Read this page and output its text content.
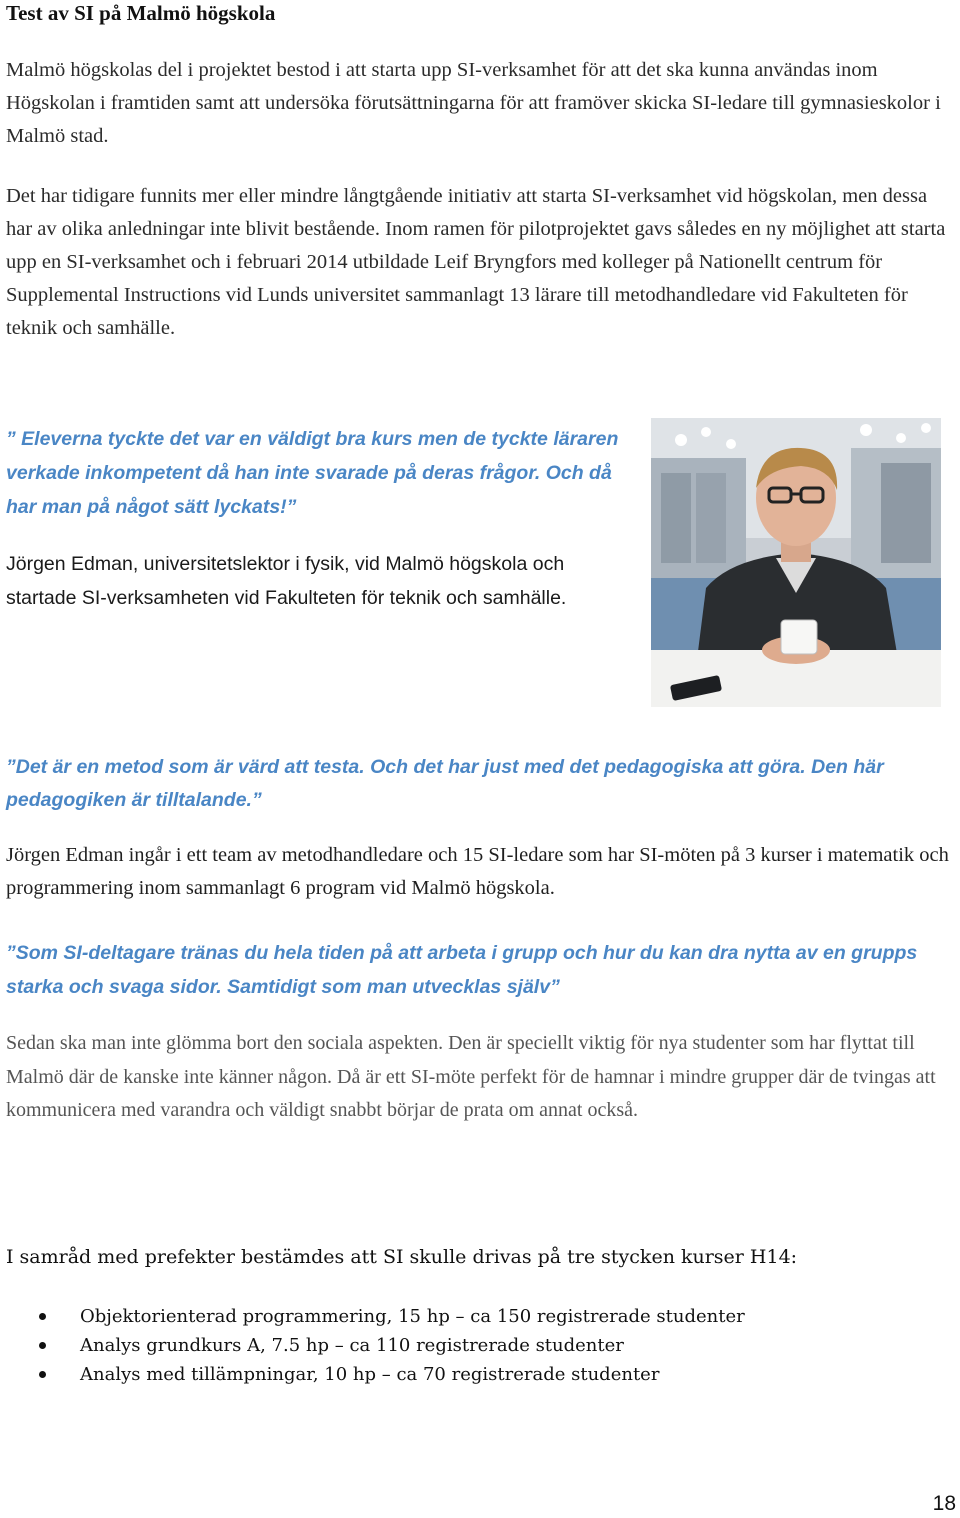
Test av SI på Malmö högskola
Malmö högskolas del i projektet bestod i att starta upp SI-verksamhet för att det ska kunna användas inom Högskolan i framtiden samt att undersöka förutsättningarna för att framöver skicka SI-ledare till gymnasieskolor i Malmö stad.
Det har tidigare funnits mer eller mindre långtgående initiativ att starta SI-verksamhet vid högskolan, men dessa har av olika anledningar inte blivit bestående. Inom ramen för pilotprojektet gavs således en ny möjlighet att starta upp en SI-verksamhet och i februari 2014 utbildade Leif Bryngfors med kolleger på Nationellt centrum för Supplemental Instructions vid Lunds universitet sammanlagt 13 lärare till metodhandledare vid Fakulteten för teknik och samhälle.
” Eleverna tyckte det var en väldigt bra kurs men de tyckte läraren verkade inkompetent då han inte svarade på deras frågor. Och då har man på något sätt lyckats!”
Jörgen Edman, universitetslektor i fysik, vid Malmö högskola och startade SI-verksamheten vid Fakulteten för teknik och samhälle.
”Det är en metod som är värd att testa. Och det har just med det pedagogiska att göra. Den här pedagogiken är tilltalande.”
Jörgen Edman ingår i ett team av metodhandledare och 15 SI-ledare som har SI-möten på 3 kurser i matematik och programmering inom sammanlagt 6 program vid Malmö högskola.
”Som SI-deltagare tränas du hela tiden på att arbeta i grupp och hur du kan dra nytta av en grupps starka och svaga sidor. Samtidigt som man utvecklas själv”
Sedan ska man inte glömma bort den sociala aspekten. Den är speciellt viktig för nya studenter som har flyttat till Malmö där de kanske inte känner någon. Då är ett SI-möte perfekt för de hamnar i mindre grupper där de tvingas att kommunicera med varandra och väldigt snabbt börjar de prata om annat också.
I samråd med prefekter bestämdes att SI skulle drivas på tre stycken kurser H14:
Objektorienterad programmering, 15 hp – ca 150 registrerade studenter
Analys grundkurs A, 7.5 hp – ca 110 registrerade studenter
Analys med tillämpningar, 10 hp – ca 70 registrerade studenter
18
